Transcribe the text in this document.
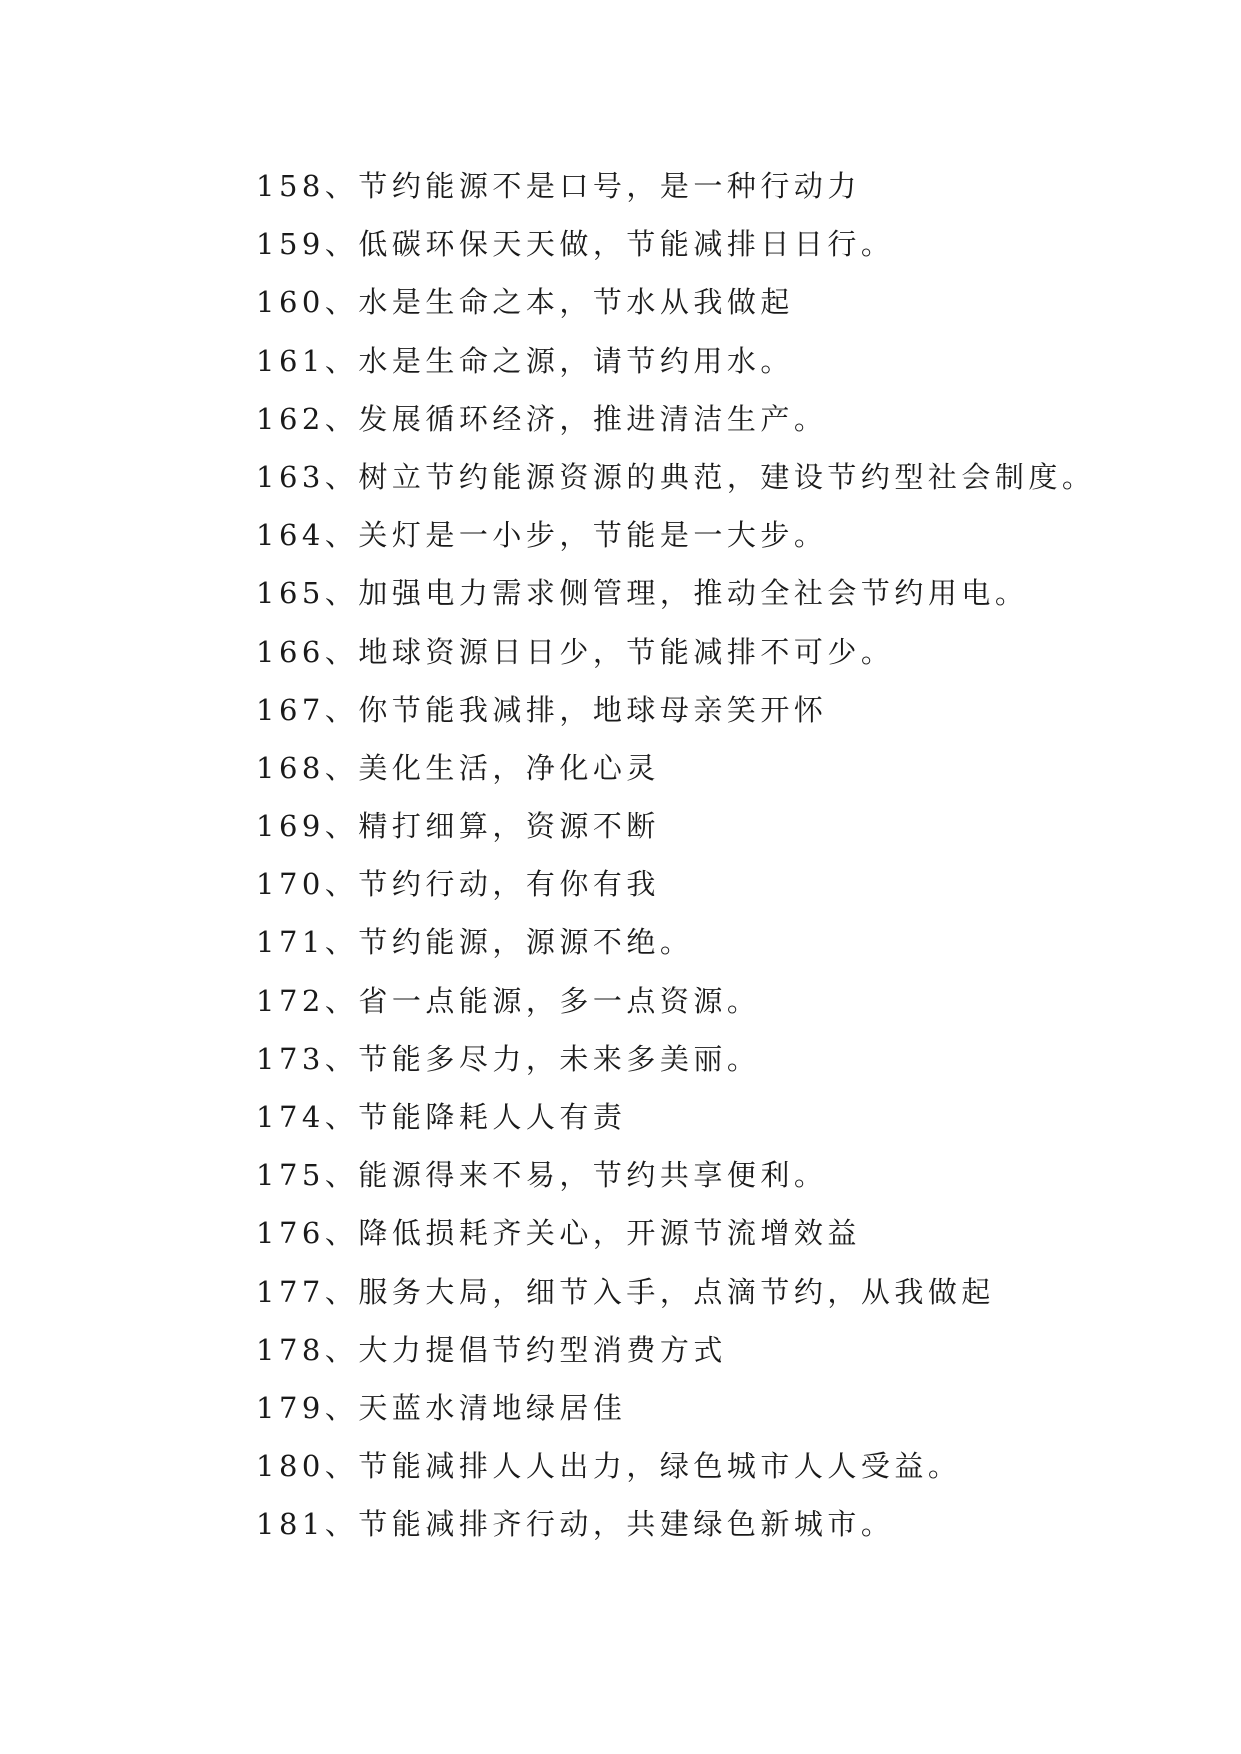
158、节约能源不是口号，是一种行动力
159、低碳环保天天做，节能减排日日行。
160、水是生命之本，节水从我做起
161、水是生命之源，请节约用水。
162、发展循环经济，推进清洁生产。
163、树立节约能源资源的典范，建设节约型社会制度。
164、关灯是一小步，节能是一大步。
165、加强电力需求侧管理，推动全社会节约用电。
166、地球资源日日少，节能减排不可少。
167、你节能我减排，地球母亲笑开怀
168、美化生活，净化心灵
169、精打细算，资源不断
170、节约行动，有你有我
171、节约能源，源源不绝。
172、省一点能源，多一点资源。
173、节能多尽力，未来多美丽。
174、节能降耗人人有责
175、能源得来不易，节约共享便利。
176、降低损耗齐关心，开源节流增效益
177、服务大局，细节入手，点滴节约，从我做起
178、大力提倡节约型消费方式
179、天蓝水清地绿居佳
180、节能减排人人出力，绿色城市人人受益。
181、节能减排齐行动，共建绿色新城市。
